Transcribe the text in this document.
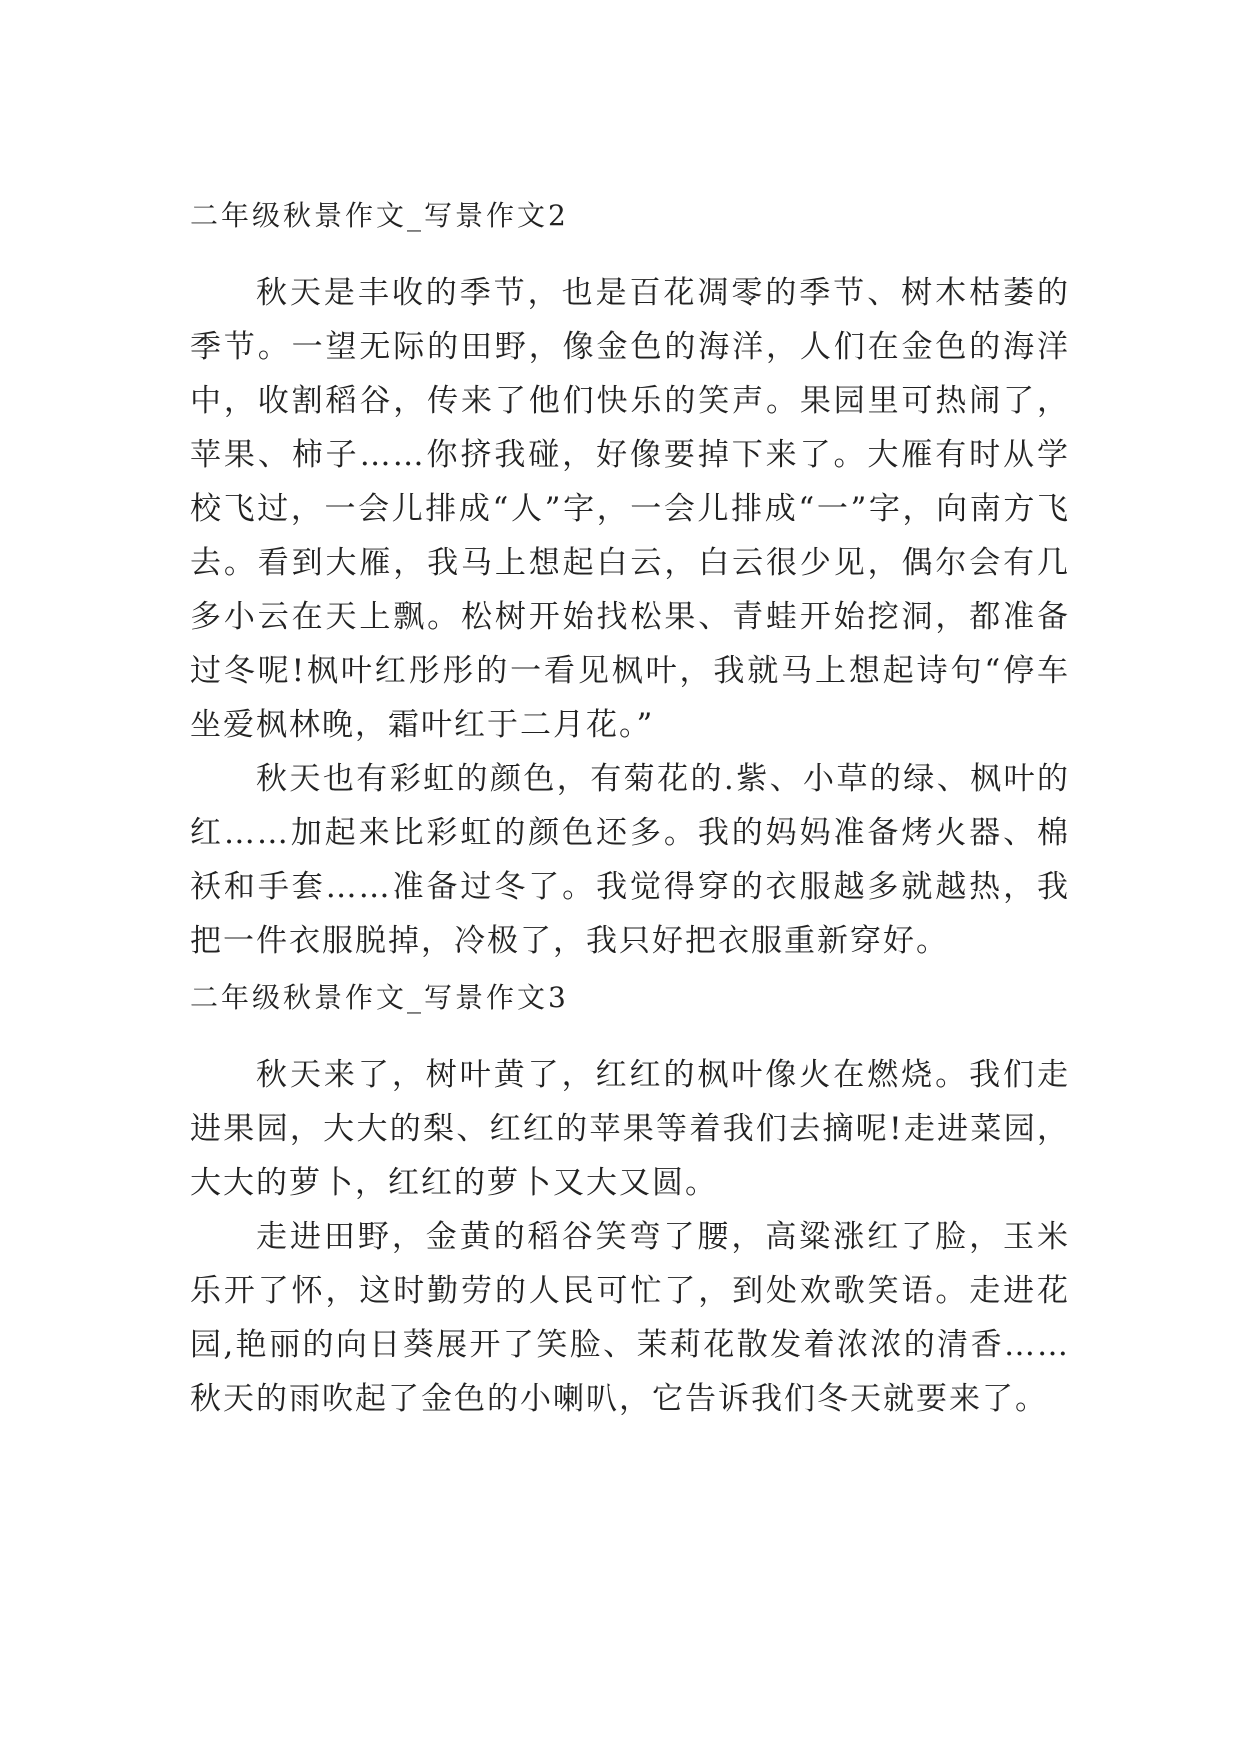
二年级秋景作文_写景作文2

秋天是丰收的季节，也是百花凋零的季节、树木枯萎的季节。一望无际的田野，像金色的海洋，人们在金色的海洋中，收割稻谷，传来了他们快乐的笑声。果园里可热闹了，苹果、柿子……你挤我碰，好像要掉下来了。大雁有时从学校飞过，一会儿排成“人”字，一会儿排成“一”字，向南方飞去。看到大雁，我马上想起白云，白云很少见，偶尔会有几多小云在天上飘。松树开始找松果、青蛙开始挖洞，都准备过冬呢!枫叶红彤彤的一看见枫叶，我就马上想起诗句“停车坐爱枫林晚，霜叶红于二月花。”

秋天也有彩虹的颜色，有菊花的.紫、小草的绿、枫叶的红……加起来比彩虹的颜色还多。我的妈妈准备烤火器、棉袄和手套……准备过冬了。我觉得穿的衣服越多就越热，我把一件衣服脱掉，冷极了，我只好把衣服重新穿好。

二年级秋景作文_写景作文3

秋天来了，树叶黄了，红红的枫叶像火在燃烧。我们走进果园，大大的梨、红红的苹果等着我们去摘呢!走进菜园，大大的萝卜，红红的萝卜又大又圆。

走进田野，金黄的稻谷笑弯了腰，高粱涨红了脸，玉米乐开了怀，这时勤劳的人民可忙了，到处欢歌笑语。走进花园,艳丽的向日葵展开了笑脸、茉莉花散发着浓浓的清香……秋天的雨吹起了金色的小喇叭，它告诉我们冬天就要来了。
